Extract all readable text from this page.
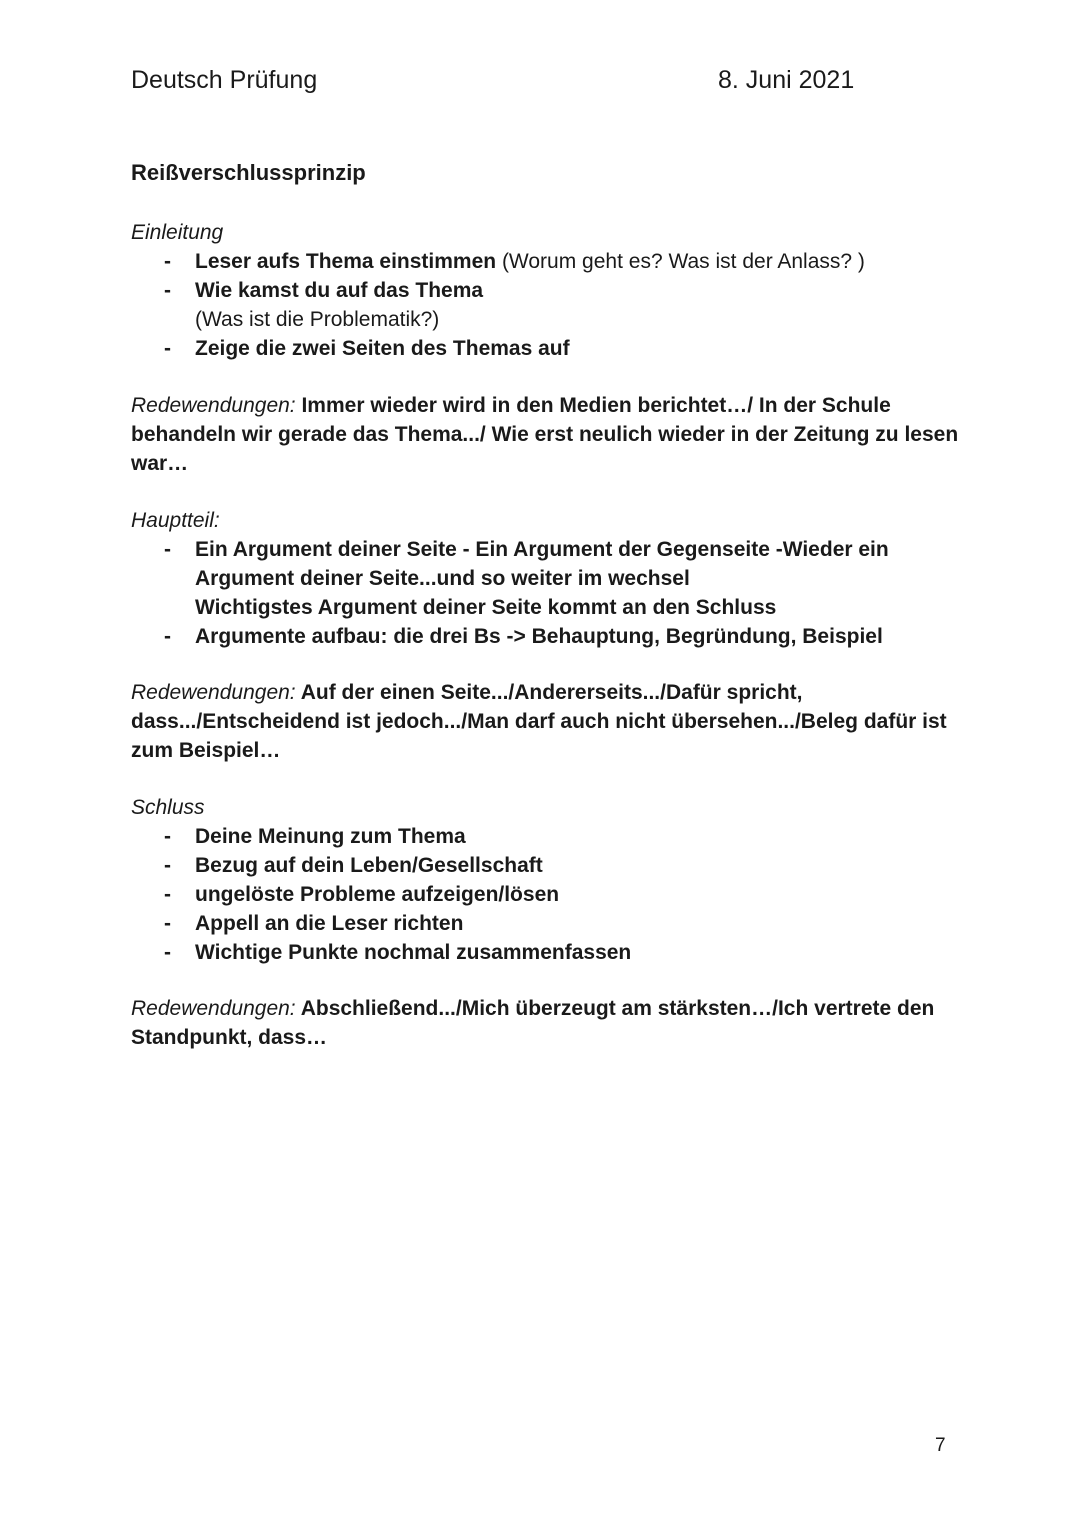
Deutsch Prüfung	8. Juni 2021
Reißverschlussprinzip
Einleitung
- Leser aufs Thema einstimmen (Worum geht es? Was ist der Anlass? )
- Wie kamst du auf das Thema
(Was ist die Problematik?)
- Zeige die zwei Seiten des Themas auf
Redewendungen: Immer wieder wird in den Medien berichtet…/ In der Schule behandeln wir gerade das Thema.../ Wie erst neulich wieder in der Zeitung zu lesen war…
Hauptteil:
- Ein Argument deiner Seite - Ein Argument der Gegenseite -Wieder ein
Argument deiner Seite...und so weiter im wechsel
Wichtigstes Argument deiner Seite kommt an den Schluss
- Argumente aufbau: die drei Bs -> Behauptung, Begründung, Beispiel
Redewendungen: Auf der einen Seite.../Andererseits.../Dafür spricht, dass.../Entscheidend ist jedoch.../Man darf auch nicht übersehen.../Beleg dafür ist zum Beispiel…
Schluss
- Deine Meinung zum Thema
- Bezug auf dein Leben/Gesellschaft
- ungelöste Probleme aufzeigen/lösen
- Appell an die Leser richten
- Wichtige Punkte nochmal zusammenfassen
Redewendungen: Abschließend.../Mich überzeugt am stärksten…/Ich vertrete den Standpunkt, dass…
7
